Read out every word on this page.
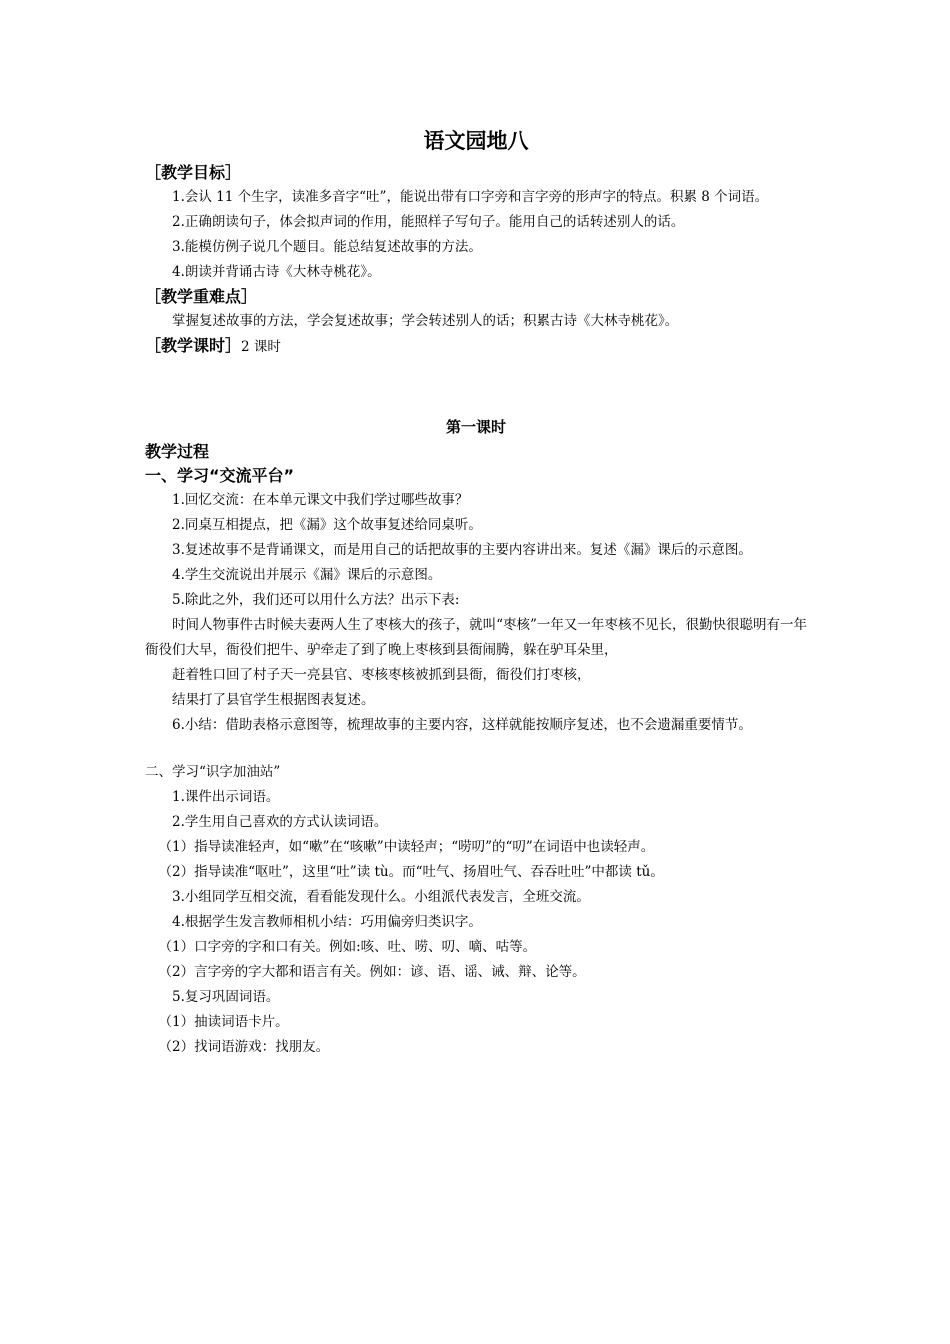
语文园地八
［教学目标］

1.会认 11 个生字，读准多音字“吐”，能说出带有口字旁和言字旁的形声字的特点。积累 8 个词语。

2.正确朗读句子，体会拟声词的作用，能照样子写句子。能用自己的话转述别人的话。

3.能模仿例子说几个题目。能总结复述故事的方法。

4.朗读并背诵古诗《大林寺桃花》。

［教学重难点］

掌握复述故事的方法，学会复述故事；学会转述别人的话；积累古诗《大林寺桃花》。

［教学课时］2 课时
第一课时
教学过程
一、学习“交流平台”

1.回忆交流：在本单元课文中我们学过哪些故事？

2.同桌互相提点，把《漏》这个故事复述给同桌听。

3.复述故事不是背诵课文，而是用自己的话把故事的主要内容讲出来。复述《漏》课后的示意图。

4.学生交流说出并展示《漏》课后的示意图。

5.除此之外，我们还可以用什么方法？出示下表:

时间人物事件古时候夫妻两人生了枣核大的孩子，就叫“枣核”一年又一年枣核不见长，很勤快很聪明有一年衙役们大早，衙役们把牛、驴牵走了到了晚上枣核到县衙闹腾，躲在驴耳朵里，

赶着牲口回了村子天一亮县官、枣核枣核被抓到县衙，衙役们打枣核，

结果打了县官学生根据图表复述。

6.小结：借助表格示意图等，梳理故事的主要内容，这样就能按顺序复述，也不会遗漏重要情节。

二、学习“识字加油站”

1.课件出示词语。

2.学生用自己喜欢的方式认读词语。

（1）指导读准轻声，如“嗽”在“咳嗽”中读轻声；“唠叨”的“叨”在词语中也读轻声。

（2）指导读准“呕吐”，这里“吐”读 tù。而“吐气、扬眉吐气、吞吞吐吐”中都读 tǔ。

3.小组同学互相交流，看看能发现什么。小组派代表发言，全班交流。

4.根据学生发言教师相机小结：巧用偏旁归类识字。

（1）口字旁的字和口有关。例如:咳、吐、唠、叨、嘀、咕等。

（2）言字旁的字大都和语言有关。例如：谚、语、谣、诫、辩、论等。

5.复习巩固词语。

（1）抽读词语卡片。

（2）找词语游戏：找朋友。
